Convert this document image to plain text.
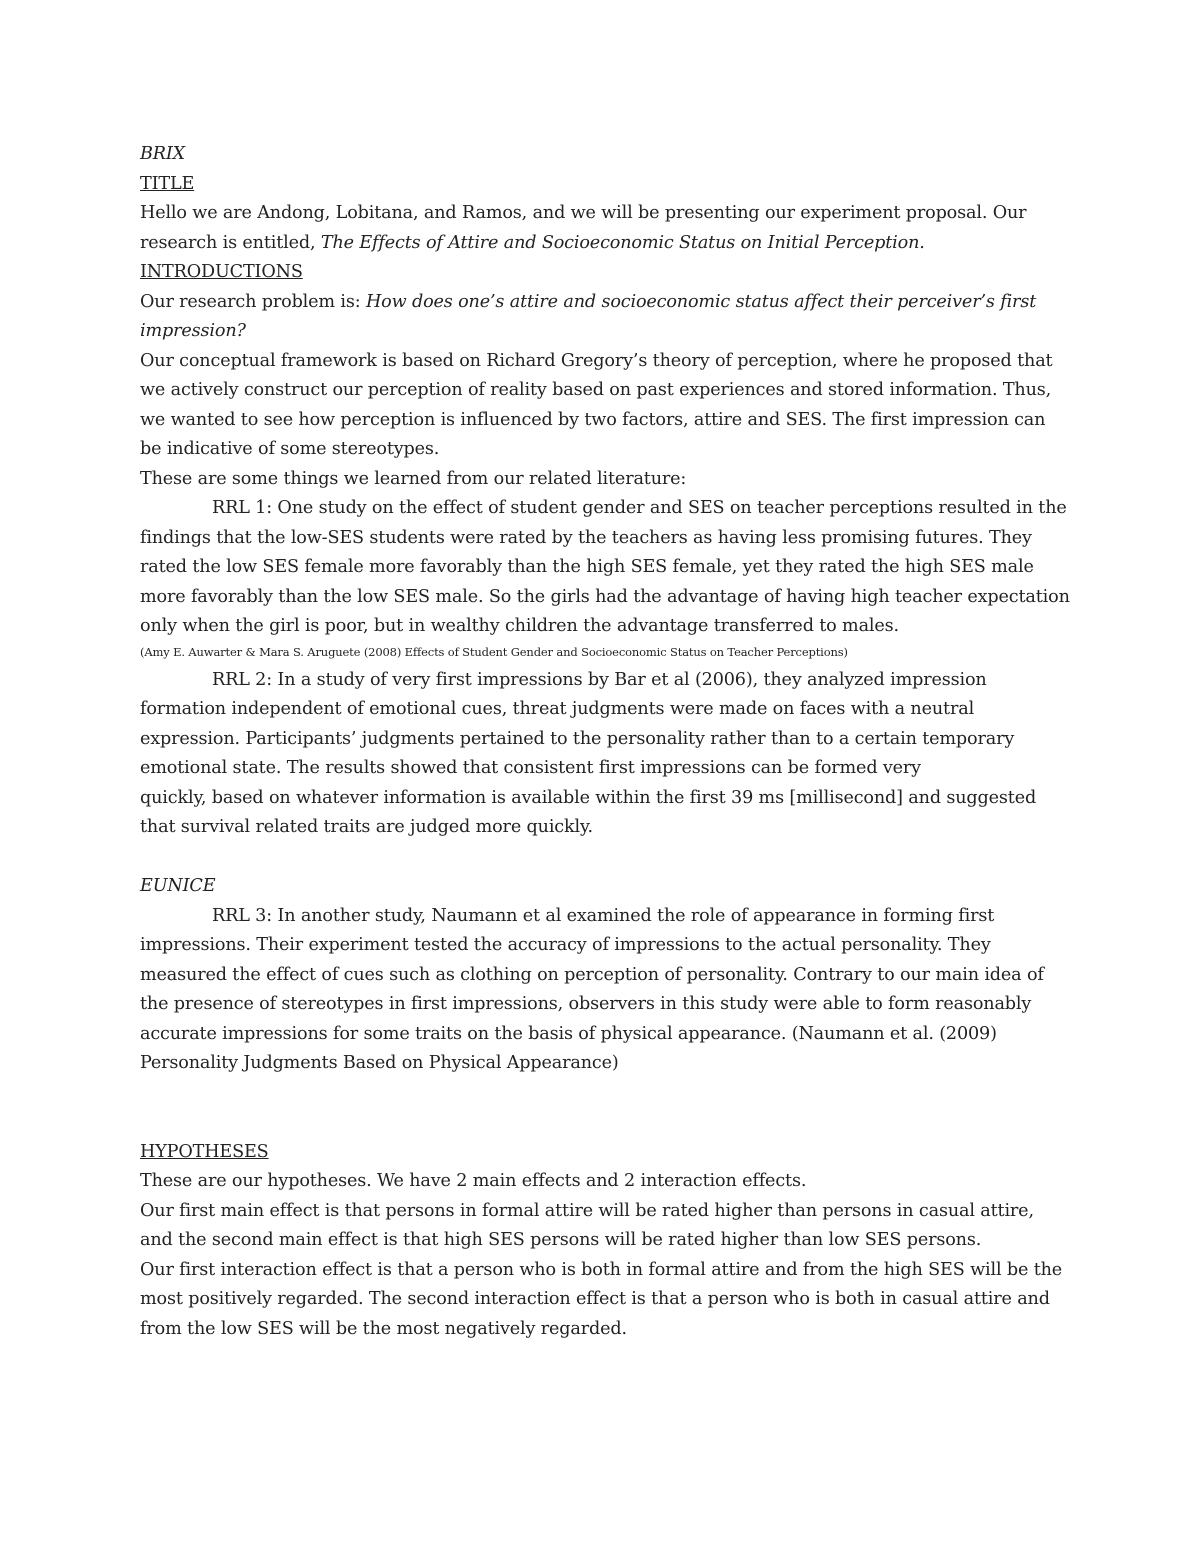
BRIX

TITLE

Hello we are Andong, Lobitana, and Ramos, and we will be presenting our experiment proposal. Our research is entitled, The Effects of Attire and Socioeconomic Status on Initial Perception.

INTRODUCTIONS

Our research problem is: How does one’s attire and socioeconomic status affect their perceiver’s first impression?

Our conceptual framework is based on Richard Gregory’s theory of perception, where he proposed that we actively construct our perception of reality based on past experiences and stored information. Thus, we wanted to see how perception is influenced by two factors, attire and SES. The first impression can be indicative of some stereotypes.

These are some things we learned from our related literature:

RRL 1: One study on the effect of student gender and SES on teacher perceptions resulted in the findings that the low-SES students were rated by the teachers as having less promising futures. They rated the low SES female more favorably than the high SES female, yet they rated the high SES male more favorably than the low SES male. So the girls had the advantage of having high teacher expectation only when the girl is poor, but in wealthy children the advantage transferred to males.

(Amy E. Auwarter & Mara S. Aruguete (2008) Effects of Student Gender and Socioeconomic Status on Teacher Perceptions)

RRL 2: In a study of very first impressions by Bar et al (2006), they analyzed impression formation independent of emotional cues, threat judgments were made on faces with a neutral expression. Participants’ judgments pertained to the personality rather than to a certain temporary emotional state. The results showed that consistent first impressions can be formed very

quickly, based on whatever information is available within the first 39 ms [millisecond] and suggested that survival related traits are judged more quickly.

EUNICE

RRL 3: In another study, Naumann et al examined the role of appearance in forming first impressions. Their experiment tested the accuracy of impressions to the actual personality. They measured the effect of cues such as clothing on perception of personality. Contrary to our main idea of the presence of stereotypes in first impressions, observers in this study were able to form reasonably accurate impressions for some traits on the basis of physical appearance. (Naumann et al. (2009) Personality Judgments Based on Physical Appearance)

HYPOTHESES

These are our hypotheses. We have 2 main effects and 2 interaction effects.

Our first main effect is that persons in formal attire will be rated higher than persons in casual attire, and the second main effect is that high SES persons will be rated higher than low SES persons.

Our first interaction effect is that a person who is both in formal attire and from the high SES will be the most positively regarded. The second interaction effect is that a person who is both in casual attire and from the low SES will be the most negatively regarded.
